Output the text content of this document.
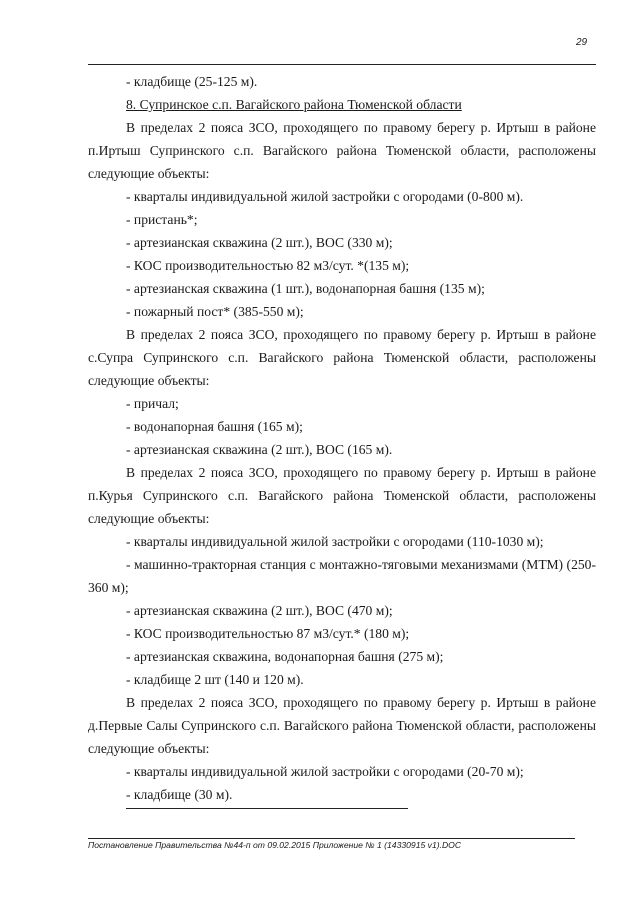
29
- кладбище (25-125 м).
8. Супринское с.п. Вагайского района Тюменской области
В пределах 2 пояса ЗСО, проходящего по правому берегу р. Иртыш в районе
п.Иртыш Супринского с.п. Вагайского района Тюменской области, расположены
следующие объекты:
- кварталы индивидуальной жилой застройки с огородами (0-800 м).
- пристань*;
- артезианская скважина (2 шт.), ВОС (330 м);
- КОС производительностью 82 м3/сут. *(135 м);
- артезианская скважина (1 шт.), водонапорная башня (135 м);
- пожарный пост* (385-550 м);
В пределах 2 пояса ЗСО, проходящего по правому берегу р. Иртыш в районе
с.Супра Супринского с.п. Вагайского района Тюменской области, расположены
следующие объекты:
- причал;
- водонапорная башня (165 м);
- артезианская скважина (2 шт.), ВОС (165 м).
В пределах 2 пояса ЗСО, проходящего по правому берегу р. Иртыш в районе
п.Курья Супринского с.п. Вагайского района Тюменской области, расположены
следующие объекты:
- кварталы индивидуальной жилой застройки с огородами (110-1030 м);
- машинно-тракторная станция с монтажно-тяговыми механизмами (МТМ) (250-
360 м);
- артезианская скважина (2 шт.), ВОС (470 м);
- КОС производительностью 87 м3/сут.* (180 м);
- артезианская скважина, водонапорная башня (275 м);
- кладбище 2 шт (140 и 120 м).
В пределах 2 пояса ЗСО, проходящего по правому берегу р. Иртыш в районе
д.Первые Салы Супринского с.п. Вагайского района Тюменской области, расположены
следующие объекты:
- кварталы индивидуальной жилой застройки с огородами (20-70 м);
- кладбище (30 м).
Постановление Правительства №44-п от 09.02.2015 Приложение № 1 (14330915 v1).DOC
